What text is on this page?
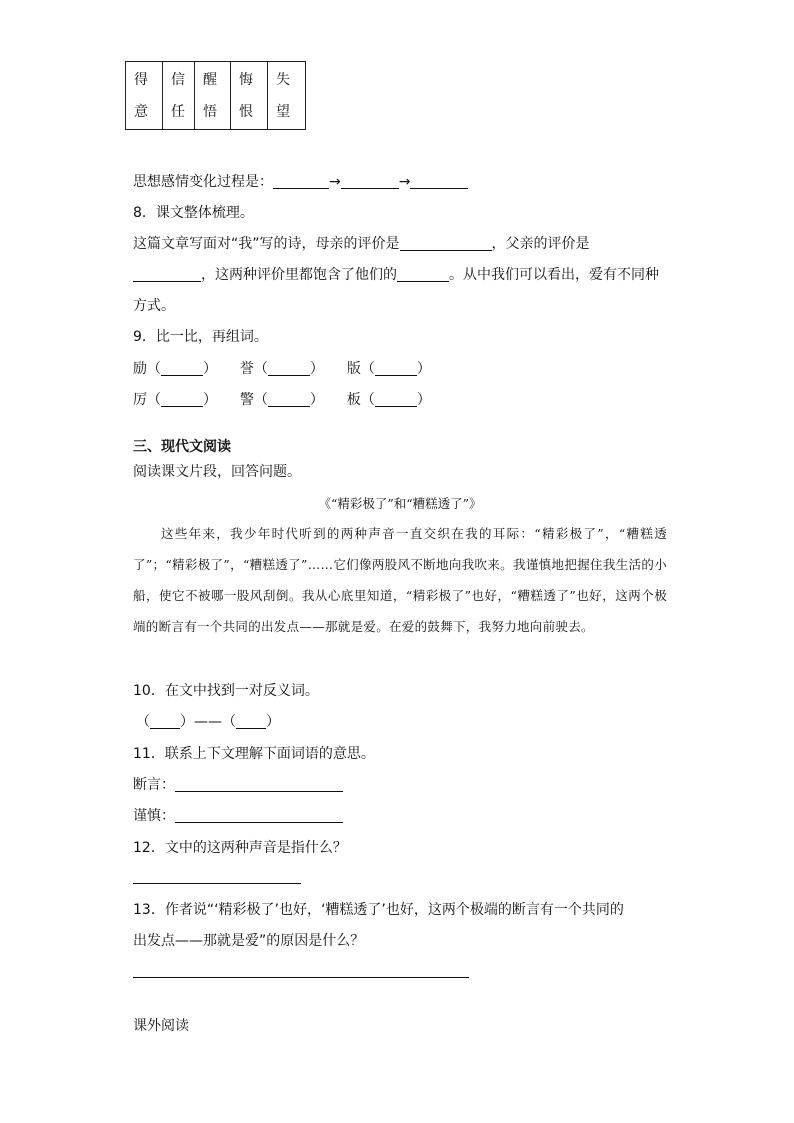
得
意

信
任

醒
悟

悔
恨

失
望
思想感情变化过程是：	→	→
8．课文整体梳理。
这篇文章写面对“我”写的诗，母亲的评价是	，父亲的评价是
，这两种评价里都饱含了他们的	。从中我们可以看出，爱有不同种
方式。
9．比一比，再组词。
励（	） 誉（	） 版（	）
厉（	） 警（	） 板（	）
三、现代文阅读
阅读课文片段，回答问题。
《“精彩极了”和“糟糕透了”》
这些年来，我少年时代听到的两种声音一直交织在我的耳际：“精彩极了”，“糟糕透了”；“精彩极了”，“糟糕透了”……它们像两股风不断地向我吹来。我谨慎地把握住我生活的小船，使它不被哪一股风刮倒。我从心底里知道，“精彩极了”也好，“糟糕透了”也好，这两个极端的断言有一个共同的出发点——那就是爱。在爱的鼓舞下，我努力地向前驶去。
10．在文中找到一对反义词。
（ ）——（ ）
11．联系上下文理解下面词语的意思。
断言：
谨慎：
12．文中的这两种声音是指什么？
13．作者说“‘精彩极了’也好，‘糟糕透了’也好，这两个极端的断言有一个共同的
出发点——那就是爱”的原因是什么？
课外阅读
